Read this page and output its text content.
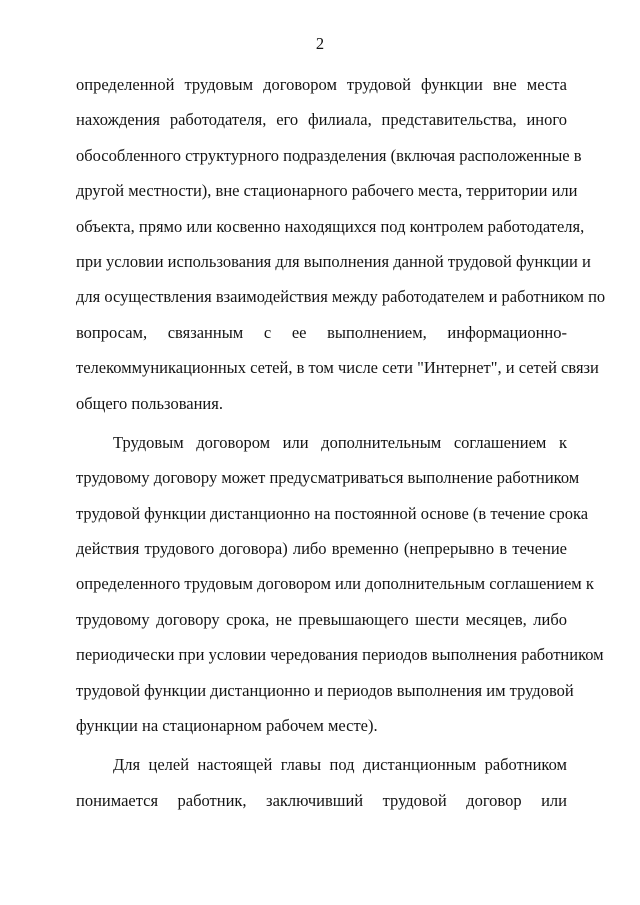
2
определенной трудовым договором трудовой функции вне места
нахождения работодателя, его филиала, представительства, иного
обособленного структурного подразделения (включая расположенные в
другой местности), вне стационарного рабочего места, территории или
объекта, прямо или косвенно находящихся под контролем работодателя,
при условии использования для выполнения данной трудовой функции и
для осуществления взаимодействия между работодателем и работником по
вопросам, связанным с ее выполнением, информационно-
телекоммуникационных сетей, в том числе сети "Интернет", и сетей связи
общего пользования.
Трудовым договором или дополнительным соглашением к
трудовому договору может предусматриваться выполнение работником
трудовой функции дистанционно на постоянной основе (в течение срока
действия трудового договора) либо временно (непрерывно в течение
определенного трудовым договором или дополнительным соглашением к
трудовому договору срока, не превышающего шести месяцев, либо
периодически при условии чередования периодов выполнения работником
трудовой функции дистанционно и периодов выполнения им трудовой
функции на стационарном рабочем месте).
Для целей настоящей главы под дистанционным работником
понимается работник, заключивший трудовой договор или
